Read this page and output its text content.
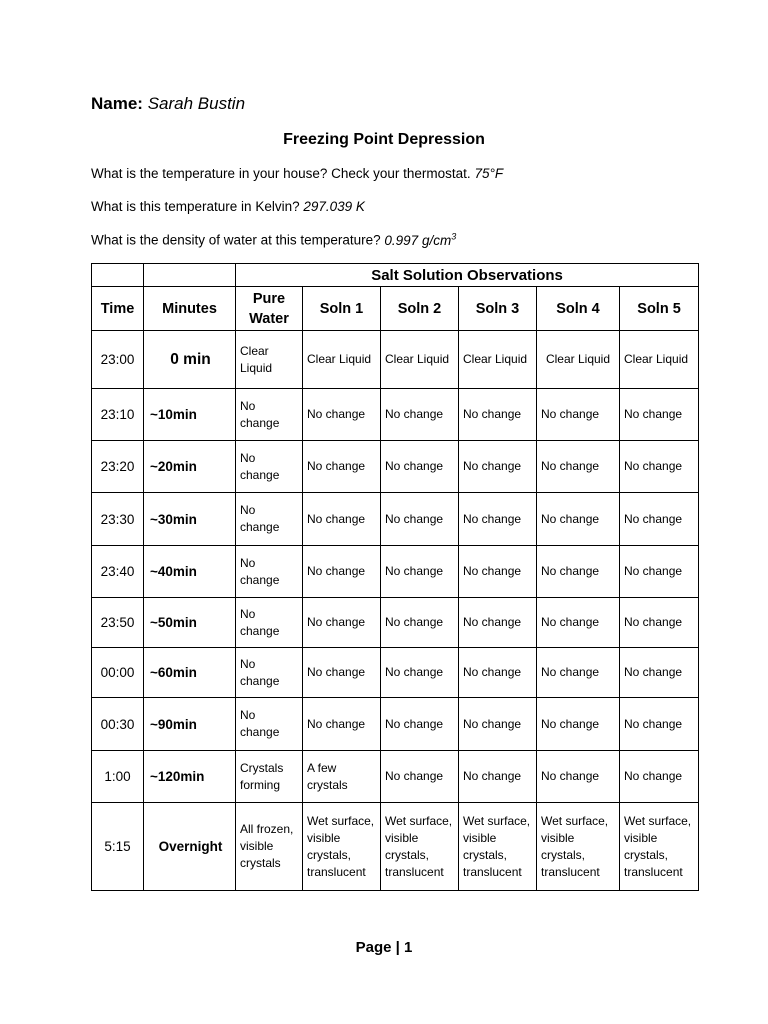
Name: Sarah Bustin
Freezing Point Depression
What is the temperature in your house? Check your thermostat. 75°F
What is this temperature in Kelvin? 297.039 K
What is the density of water at this temperature? 0.997 $g/cm^3$
		Salt Solution Observations					
Time	Minutes	Pure Water	Soln 1	Soln 2	Soln 3	Soln 4	Soln 5
23:00	0 min	Clear Liquid	Clear Liquid	Clear Liquid	Clear Liquid	Clear Liquid	Clear Liquid
23:10	~10min	No change	No change	No change	No change	No change	No change
23:20	~20min	No change	No change	No change	No change	No change	No change
23:30	~30min	No change	No change	No change	No change	No change	No change
23:40	~40min	No change	No change	No change	No change	No change	No change
23:50	~50min	No change	No change	No change	No change	No change	No change
00:00	~60min	No change	No change	No change	No change	No change	No change
00:30	~90min	No change	No change	No change	No change	No change	No change
1:00	~120min	Crystals forming	A few crystals	No change	No change	No change	No change
5:15	Overnight	All frozen, visible crystals	Wet surface, visible crystals, translucent	Wet surface, visible crystals, translucent	Wet surface, visible crystals, translucent	Wet surface, visible crystals, translucent	Wet surface, visible crystals, translucent
Page | 1
